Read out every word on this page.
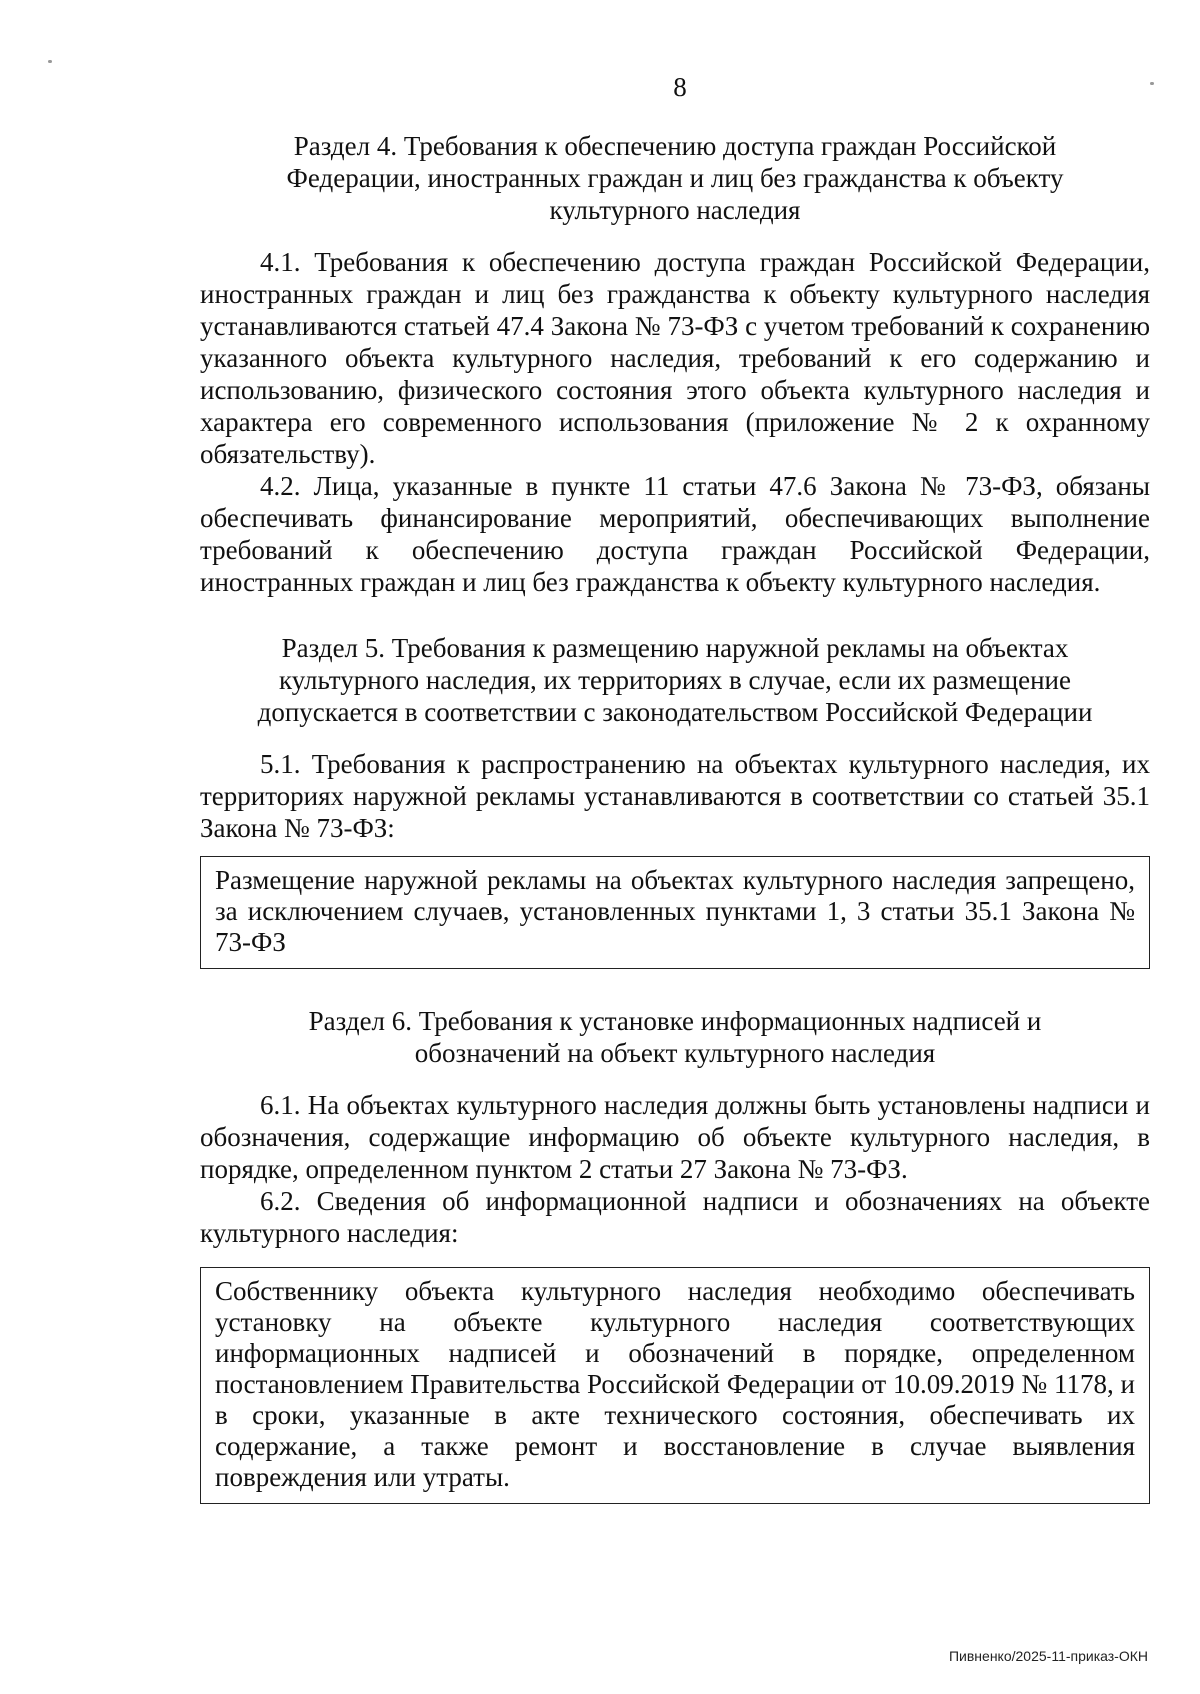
8
Раздел 4. Требования к обеспечению доступа граждан Российской Федерации, иностранных граждан и лиц без гражданства к объекту культурного наследия

4.1. Требования к обеспечению доступа граждан Российской Федерации, иностранных граждан и лиц без гражданства к объекту культурного наследия устанавливаются статьей 47.4 Закона № 73-ФЗ с учетом требований к сохранению указанного объекта культурного наследия, требований к его содержанию и использованию, физического состояния этого объекта культурного наследия и характера его современного использования (приложение № 2 к охранному обязательству).

4.2. Лица, указанные в пункте 11 статьи 47.6 Закона № 73-ФЗ, обязаны обеспечивать финансирование мероприятий, обеспечивающих выполнение требований к обеспечению доступа граждан Российской Федерации, иностранных граждан и лиц без гражданства к объекту культурного наследия.

Раздел 5. Требования к размещению наружной рекламы на объектах культурного наследия, их территориях в случае, если их размещение допускается в соответствии с законодательством Российской Федерации

5.1. Требования к распространению на объектах культурного наследия, их территориях наружной рекламы устанавливаются в соответствии со статьей 35.1 Закона № 73-ФЗ:

Размещение наружной рекламы на объектах культурного наследия запрещено, за исключением случаев, установленных пунктами 1, 3 статьи 35.1 Закона № 73-ФЗ

Раздел 6. Требования к установке информационных надписей и обозначений на объект культурного наследия

6.1. На объектах культурного наследия должны быть установлены надписи и обозначения, содержащие информацию об объекте культурного наследия, в порядке, определенном пунктом 2 статьи 27 Закона № 73-ФЗ.

6.2. Сведения об информационной надписи и обозначениях на объекте культурного наследия:

Собственнику объекта культурного наследия необходимо обеспечивать установку на объекте культурного наследия соответствующих информационных надписей и обозначений в порядке, определенном постановлением Правительства Российской Федерации от 10.09.2019 № 1178, и в сроки, указанные в акте технического состояния, обеспечивать их содержание, а также ремонт и восстановление в случае выявления повреждения или утраты.

Пивненко/2025-11-приказ-ОКН
